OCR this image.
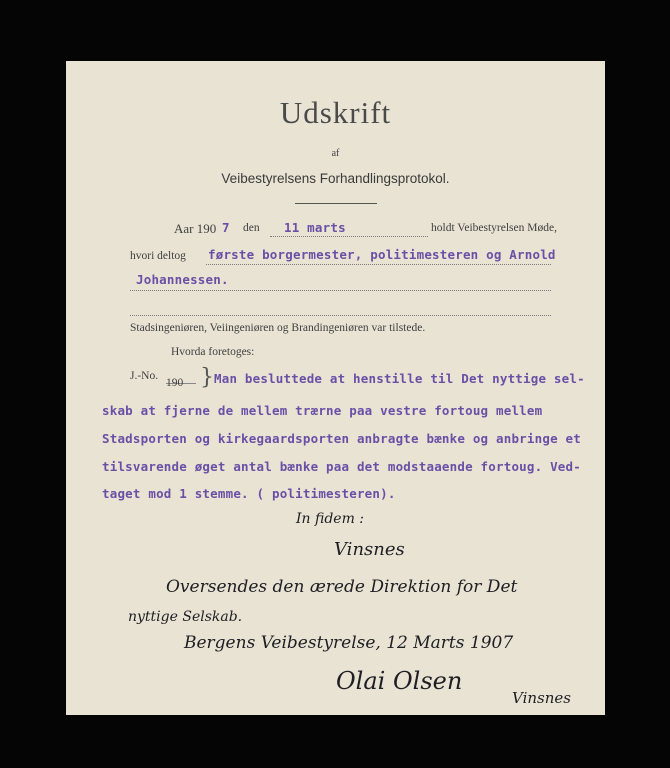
Udskrift
af
Veibestyrelsens Forhandlingsprotokol.
Aar 190 7 den 11 marts	holdt Veibestyrelsen Møde,
hvori deltog første borgermester, politimesteren og Arnold
Johannessen.
Stadsingeniøren, Veiingeniøren og Brandingeniøren var tilstede.
Hvorda foretoges:
J.-No.
190 } Man besluttede at henstille til Det nyttige sel-
skab at fjerne de mellem trærne paa vestre fortoug mellem
Stadsporten og kirkegaardsporten anbragte bænke og anbringe et
tilsvarende øget antal bænke paa det modstaaende fortoug. Ved-
taget mod 1 stemme. ( politimesteren).
In fidem :
Vinsnes
Oversendes den ærede Direktion for Det
nyttige Selskab.
Bergens Veibestyrelse, 12 Marts 1907
Olai Olsen
Vinsnes
